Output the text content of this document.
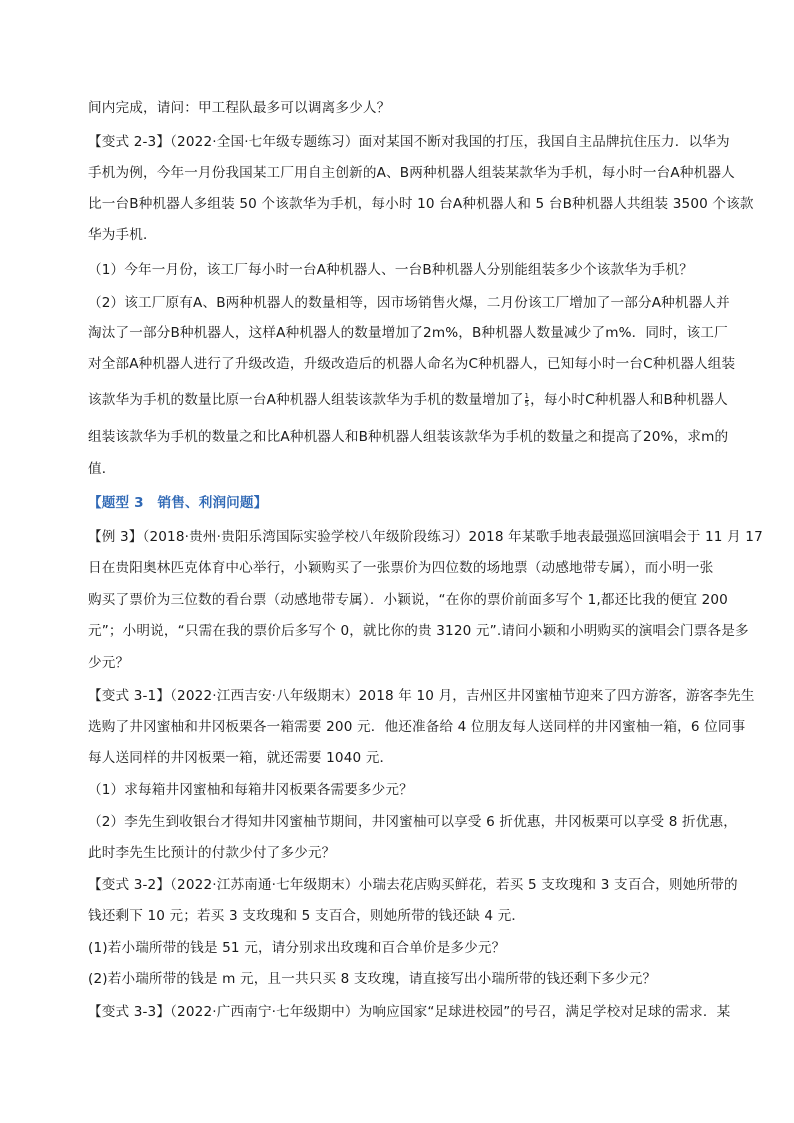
间内完成，请问：甲工程队最多可以调离多少人？
【变式 2-3】（2022·全国·七年级专题练习）面对某国不断对我国的打压，我国自主品牌抗住压力．以华为
手机为例，今年一月份我国某工厂用自主创新的A、B两种机器人组装某款华为手机，每小时一台A种机器人
比一台B种机器人多组装 50 个该款华为手机，每小时 10 台A种机器人和 5 台B种机器人共组装 3500 个该款
华为手机．
（1）今年一月份，该工厂每小时一台A种机器人、一台B种机器人分别能组装多少个该款华为手机？
（2）该工厂原有A、B两种机器人的数量相等，因市场销售火爆，二月份该工厂增加了一部分A种机器人并
淘汰了一部分B种机器人，这样A种机器人的数量增加了2m%，B种机器人数量减少了m%．同时，该工厂
对全部A种机器人进行了升级改造，升级改造后的机器人命名为C种机器人，已知每小时一台C种机器人组装
该款华为手机的数量比原一台A种机器人组装该款华为手机的数量增加了 $\frac{1}{5}$ ，每小时C种机器人和B种机器人
组装该款华为手机的数量之和比A种机器人和B种机器人组装该款华为手机的数量之和提高了20%，求m的
值．
【题型 3　销售、利润问题】
【例 3】（2018·贵州·贵阳乐湾国际实验学校八年级阶段练习）2018 年某歌手地表最强巡回演唱会于 11 月 17
日在贵阳奥林匹克体育中心举行，小颖购买了一张票价为四位数的场地票（动感地带专属），而小明一张
购买了票价为三位数的看台票（动感地带专属）．小颖说，“在你的票价前面多写个 1,都还比我的便宜 200
元”；小明说，“只需在我的票价后多写个 0，就比你的贵 3120 元”.请问小颖和小明购买的演唱会门票各是多
少元？
【变式 3-1】（2022·江西吉安·八年级期末）2018 年 10 月，吉州区井冈蜜柚节迎来了四方游客，游客李先生
选购了井冈蜜柚和井冈板栗各一箱需要 200 元．他还准备给 4 位朋友每人送同样的井冈蜜柚一箱，6 位同事
每人送同样的井冈板栗一箱，就还需要 1040 元．
（1）求每箱井冈蜜柚和每箱井冈板栗各需要多少元？
（2）李先生到收银台才得知井冈蜜柚节期间，井冈蜜柚可以享受 6 折优惠，井冈板栗可以享受 8 折优惠，
此时李先生比预计的付款少付了多少元？
【变式 3-2】（2022·江苏南通·七年级期末）小瑞去花店购买鲜花，若买 5 支玫瑰和 3 支百合，则她所带的
钱还剩下 10 元；若买 3 支玫瑰和 5 支百合，则她所带的钱还缺 4 元．
(1)若小瑞所带的钱是 51 元，请分别求出玫瑰和百合单价是多少元？
(2)若小瑞所带的钱是 m 元，且一共只买 8 支玫瑰，请直接写出小瑞所带的钱还剩下多少元？
【变式 3-3】（2022·广西南宁·七年级期中）为响应国家“足球进校园”的号召，满足学校对足球的需求．某
